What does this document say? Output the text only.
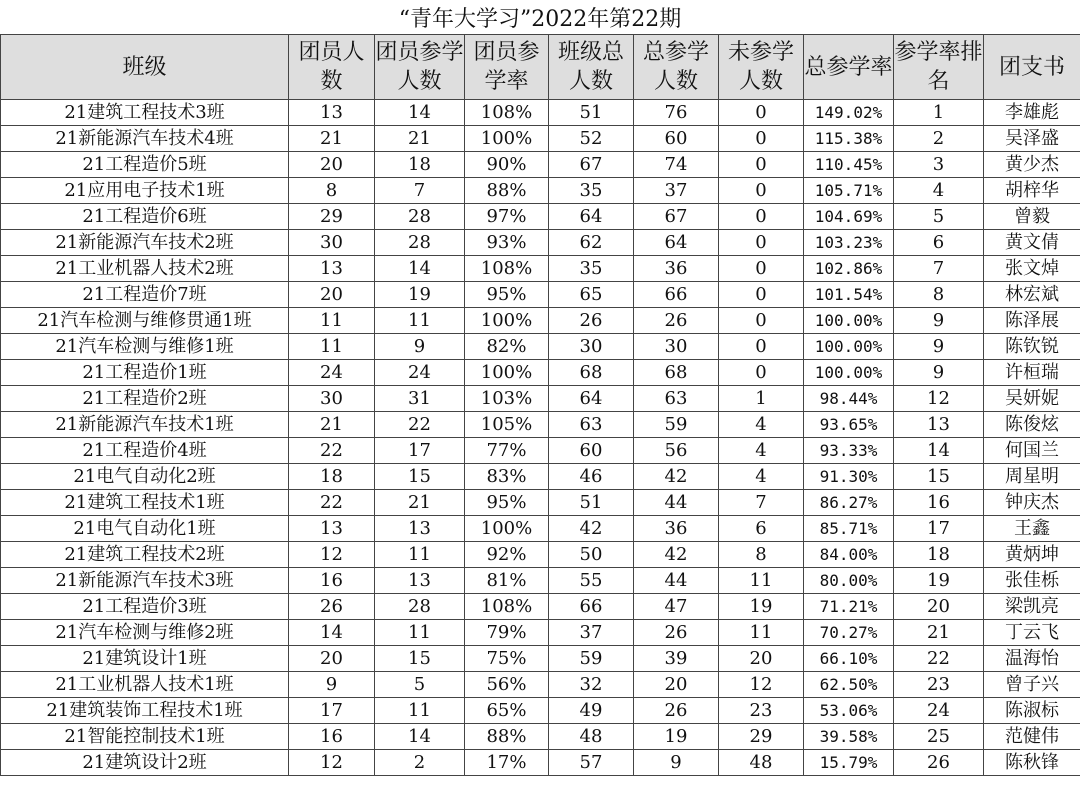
“青年大学习”2022年第22期
班级	团员人数	团员参学人数	团员参学率	班级总人数	总参学人数	未参学人数	总参学率	参学率排名	团支书
21建筑工程技术3班	13	14	108%	51	76	0	149.02%	1	李雄彪
21新能源汽车技术4班	21	21	100%	52	60	0	115.38%	2	吴泽盛
21工程造价5班	20	18	90%	67	74	0	110.45%	3	黄少杰
21应用电子技术1班	8	7	88%	35	37	0	105.71%	4	胡梓华
21工程造价6班	29	28	97%	64	67	0	104.69%	5	曾毅
21新能源汽车技术2班	30	28	93%	62	64	0	103.23%	6	黄文倩
21工业机器人技术2班	13	14	108%	35	36	0	102.86%	7	张文焯
21工程造价7班	20	19	95%	65	66	0	101.54%	8	林宏斌
21汽车检测与维修贯通1班	11	11	100%	26	26	0	100.00%	9	陈泽展
21汽车检测与维修1班	11	9	82%	30	30	0	100.00%	9	陈钦锐
21工程造价1班	24	24	100%	68	68	0	100.00%	9	许桓瑞
21工程造价2班	30	31	103%	64	63	1	98.44%	12	吴妍妮
21新能源汽车技术1班	21	22	105%	63	59	4	93.65%	13	陈俊炫
21工程造价4班	22	17	77%	60	56	4	93.33%	14	何国兰
21电气自动化2班	18	15	83%	46	42	4	91.30%	15	周星明
21建筑工程技术1班	22	21	95%	51	44	7	86.27%	16	钟庆杰
21电气自动化1班	13	13	100%	42	36	6	85.71%	17	王鑫
21建筑工程技术2班	12	11	92%	50	42	8	84.00%	18	黄炳坤
21新能源汽车技术3班	16	13	81%	55	44	11	80.00%	19	张佳栎
21工程造价3班	26	28	108%	66	47	19	71.21%	20	梁凯亮
21汽车检测与维修2班	14	11	79%	37	26	11	70.27%	21	丁云飞
21建筑设计1班	20	15	75%	59	39	20	66.10%	22	温海怡
21工业机器人技术1班	9	5	56%	32	20	12	62.50%	23	曾子兴
21建筑装饰工程技术1班	17	11	65%	49	26	23	53.06%	24	陈淑标
21智能控制技术1班	16	14	88%	48	19	29	39.58%	25	范健伟
21建筑设计2班	12	2	17%	57	9	48	15.79%	26	陈秋锋
